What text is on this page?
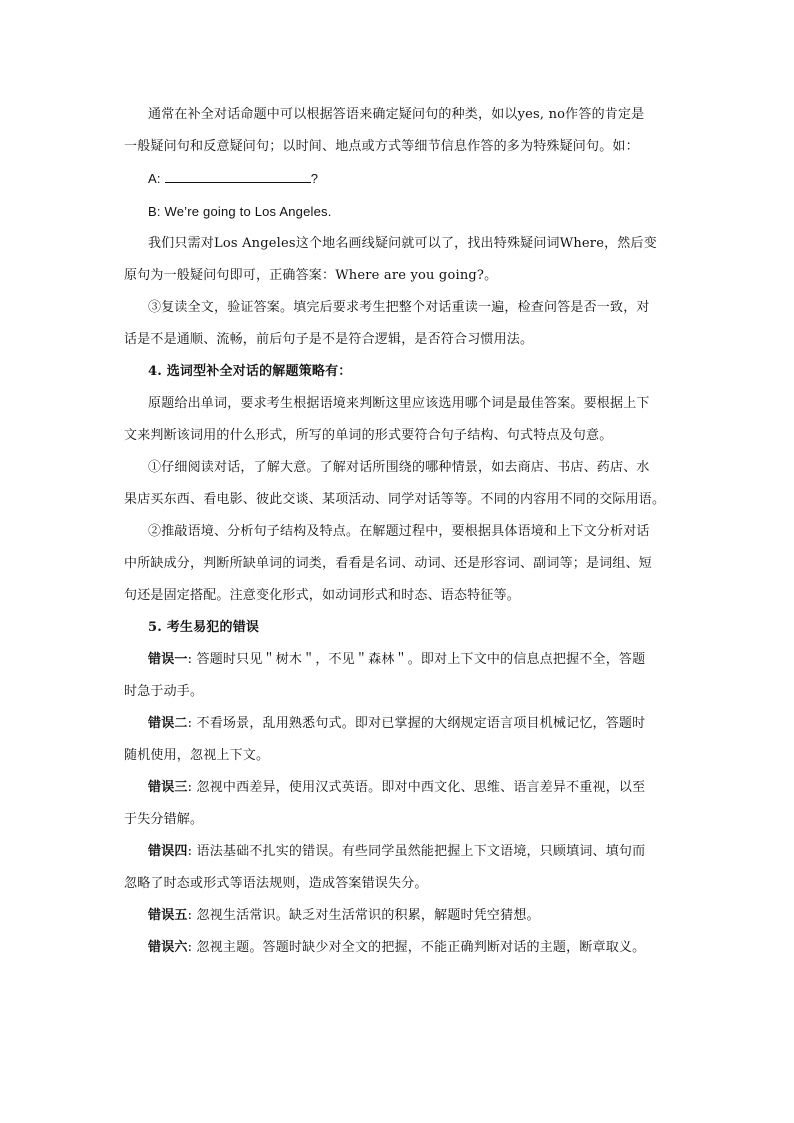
通常在补全对话命题中可以根据答语来确定疑问句的种类，如以yes, no作答的肯定是
一般疑问句和反意疑问句；以时间、地点或方式等细节信息作答的多为特殊疑问句。如：
A:	?
B: We’re going to Los Angeles.
我们只需对Los Angeles这个地名画线疑问就可以了，找出特殊疑问词Where，然后变
原句为一般疑问句即可，正确答案：Where are you going?。
③复读全文，验证答案。填完后要求考生把整个对话重读一遍，检查问答是否一致，对
话是不是通顺、流畅，前后句子是不是符合逻辑，是否符合习惯用法。
4. 选词型补全对话的解题策略有：
原题给出单词，要求考生根据语境来判断这里应该选用哪个词是最佳答案。要根据上下
文来判断该词用的什么形式，所写的单词的形式要符合句子结构、句式特点及句意。
①仔细阅读对话，了解大意。了解对话所围绕的哪种情景，如去商店、书店、药店、水
果店买东西、看电影、彼此交谈、某项活动、同学对话等等。不同的内容用不同的交际用语。
②推敲语境、分析句子结构及特点。在解题过程中，要根据具体语境和上下文分析对话
中所缺成分，判断所缺单词的词类，看看是名词、动词、还是形容词、副词等；是词组、短
句还是固定搭配。注意变化形式，如动词形式和时态、语态特征等。
5. 考生易犯的错误
错误一: 答题时只见＂树木＂，不见＂森林＂。即对上下文中的信息点把握不全，答题
时急于动手。
错误二: 不看场景，乱用熟悉句式。即对已掌握的大纲规定语言项目机械记忆，答题时
随机使用，忽视上下文。
错误三: 忽视中西差异，使用汉式英语。即对中西文化、思维、语言差异不重视，以至
于失分错解。
错误四: 语法基础不扎实的错误。有些同学虽然能把握上下文语境，只顾填词、填句而
忽略了时态或形式等语法规则，造成答案错误失分。
错误五: 忽视生活常识。缺乏对生活常识的积累，解题时凭空猜想。
错误六: 忽视主题。答题时缺少对全文的把握，不能正确判断对话的主题，断章取义。
